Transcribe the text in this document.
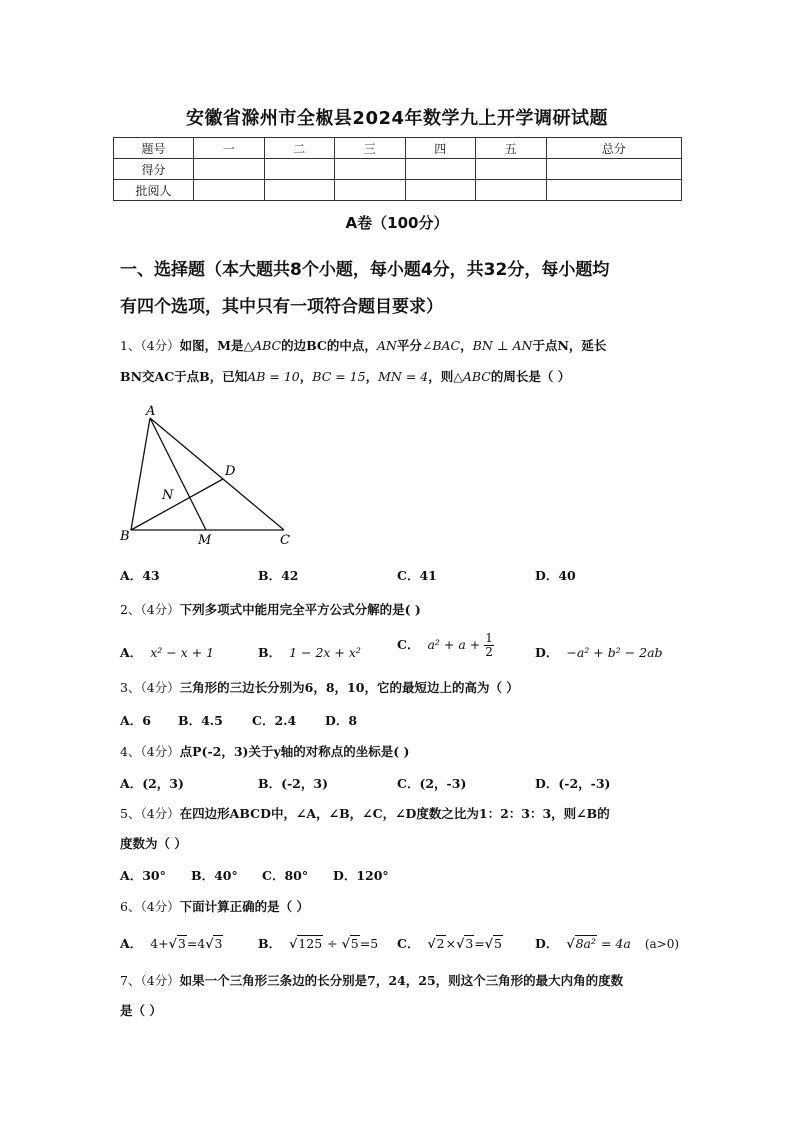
安徽省滁州市全椒县2024年数学九上开学调研试题
题号	一	二	三	四	五	总分
得分						
批阅人						
A卷（100分）
一、选择题（本大题共8个小题，每小题4分，共32分，每小题均
有四个选项，其中只有一项符合题目要求）
1、（4分）如图，M是△ABC的边BC的中点，AN平分∠BAC，BN ⊥ AN于点N，延长
BN交AC于点B，已知AB = 10，BC = 15，MN = 4，则△ABC的周长是（ ）
A
B	C
D
M
N
A．43	B．42	C．41	D．40
2、（4分）下列多项式中能用完全平方公式分解的是( )
A． x² − x + 1	B． 1 − 2x + x²
C． $a^2 + a + \frac{1}{2}$	D． −a² + b² − 2ab
3、（4分）三角形的三边长分别为6，8，10，它的最短边上的高为（ ）
A．6 B．4.5 C．2.4 D．8
4、（4分）点P(-2，3)关于y轴的对称点的坐标是( )
A．(2，3)	B．(-2，3)	C．(2，-3)	D．(-2，-3)
5、（4分）在四边形ABCD中，∠A，∠B，∠C，∠D度数之比为1：2：3：3，则∠B的
度数为（ ）
A．30° B．40° C．80° D．120°
6、（4分）下面计算正确的是（ ）
A． 4+√3=4√3	B． √125 ÷ √5=5 C． √2×√3=√5	D． √8a² = 4a (a>0)
7、（4分）如果一个三角形三条边的长分别是7，24，25，则这个三角形的最大内角的度数
是（ ）
